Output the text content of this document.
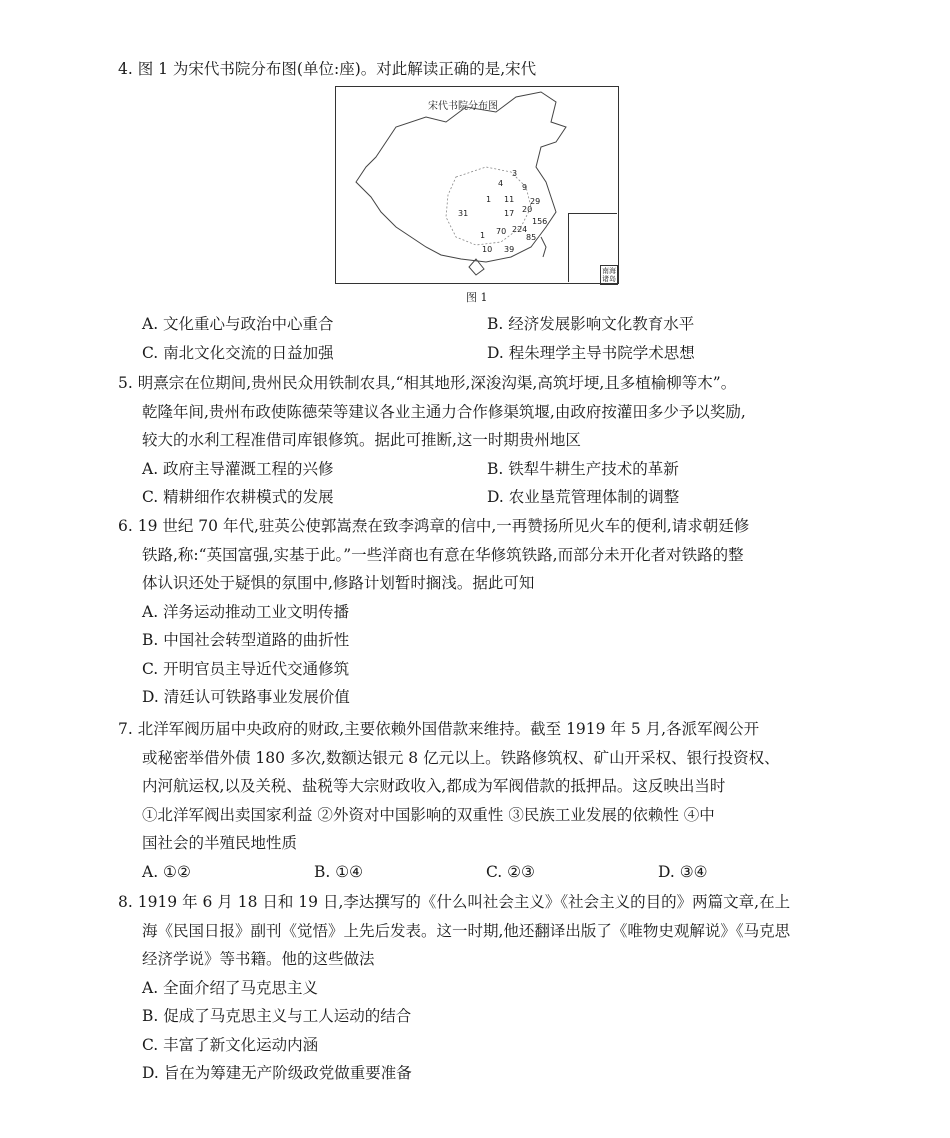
4. 图 1 为宋代书院分布图(单位:座)。对此解读正确的是,宋代
宋代书院分布图
南海
诸岛
3
4 9
1 11 29
20
156
31
1
17
70 224
85
10 39
图 1
A. 文化重心与政治中心重合	B. 经济发展影响文化教育水平
C. 南北文化交流的日益加强	D. 程朱理学主导书院学术思想
5. 明熹宗在位期间,贵州民众用铁制农具,“相其地形,深浚沟渠,高筑圩埂,且多植榆柳等木”。
乾隆年间,贵州布政使陈德荣等建议各业主通力合作修渠筑堰,由政府按灌田多少予以奖励,
较大的水利工程准借司库银修筑。据此可推断,这一时期贵州地区
A. 政府主导灌溉工程的兴修	B. 铁犁牛耕生产技术的革新
C. 精耕细作农耕模式的发展	D. 农业垦荒管理体制的调整
6. 19 世纪 70 年代,驻英公使郭嵩焘在致李鸿章的信中,一再赞扬所见火车的便利,请求朝廷修
铁路,称:“英国富强,实基于此。”一些洋商也有意在华修筑铁路,而部分未开化者对铁路的整
体认识还处于疑惧的氛围中,修路计划暂时搁浅。据此可知
A. 洋务运动推动工业文明传播
B. 中国社会转型道路的曲折性
C. 开明官员主导近代交通修筑
D. 清廷认可铁路事业发展价值
7. 北洋军阀历届中央政府的财政,主要依赖外国借款来维持。截至 1919 年 5 月,各派军阀公开
或秘密举借外债 180 多次,数额达银元 8 亿元以上。铁路修筑权、矿山开采权、银行投资权、
内河航运权,以及关税、盐税等大宗财政收入,都成为军阀借款的抵押品。这反映出当时
①北洋军阀出卖国家利益 ②外资对中国影响的双重性 ③民族工业发展的依赖性 ④中
国社会的半殖民地性质
A. ①②	B. ①④	C. ②③	D. ③④
8. 1919 年 6 月 18 日和 19 日,李达撰写的《什么叫社会主义》《社会主义的目的》两篇文章,在上
海《民国日报》副刊《觉悟》上先后发表。这一时期,他还翻译出版了《唯物史观解说》《马克思
经济学说》等书籍。他的这些做法
A. 全面介绍了马克思主义
B. 促成了马克思主义与工人运动的结合
C. 丰富了新文化运动内涵
D. 旨在为筹建无产阶级政党做重要准备
